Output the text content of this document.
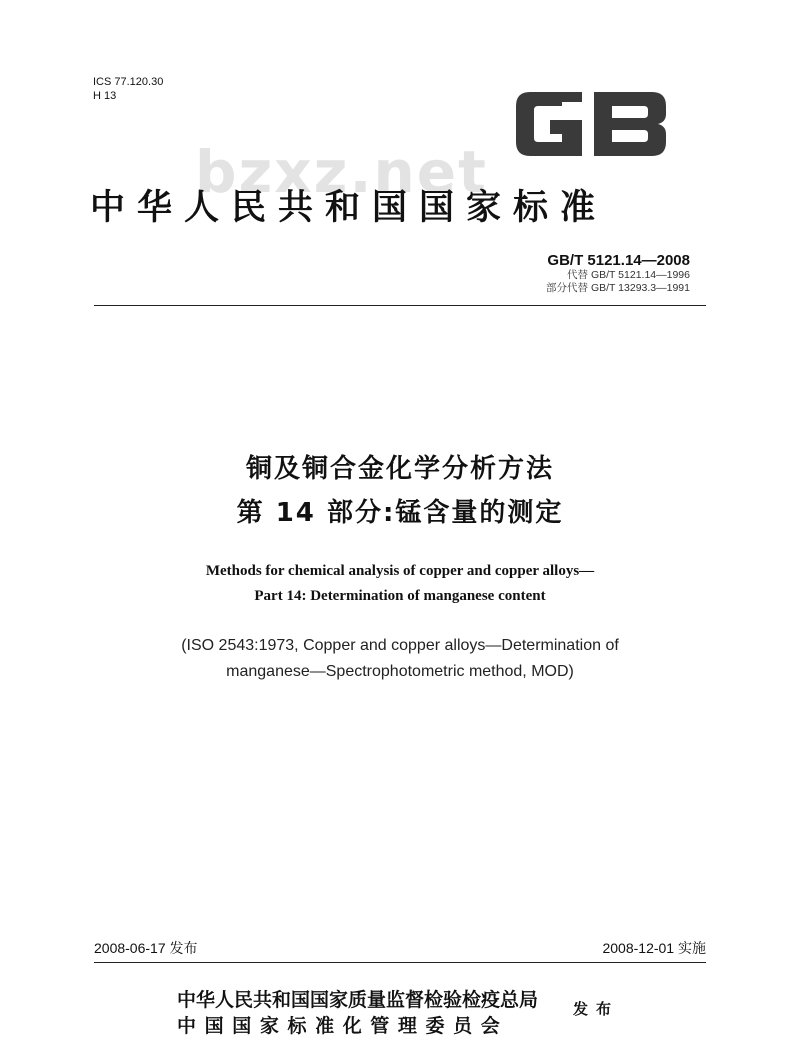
ICS 77.120.30
H 13
bzxz.net
中华人民共和国国家标准
GB/T 5121.14—2008
代替 GB/T 5121.14—1996
部分代替 GB/T 13293.3—1991
铜及铜合金化学分析方法
第 14 部分:锰含量的测定
Methods for chemical analysis of copper and copper alloys—
Part 14: Determination of manganese content
(ISO 2543:1973, Copper and copper alloys—Determination of
manganese—Spectrophotometric method, MOD)
2008-06-17 发布	2008-12-01 实施
中华人民共和国国家质量监督检验检疫总局
中 国 国 家 标 准 化 管 理 委 员 会
发布
